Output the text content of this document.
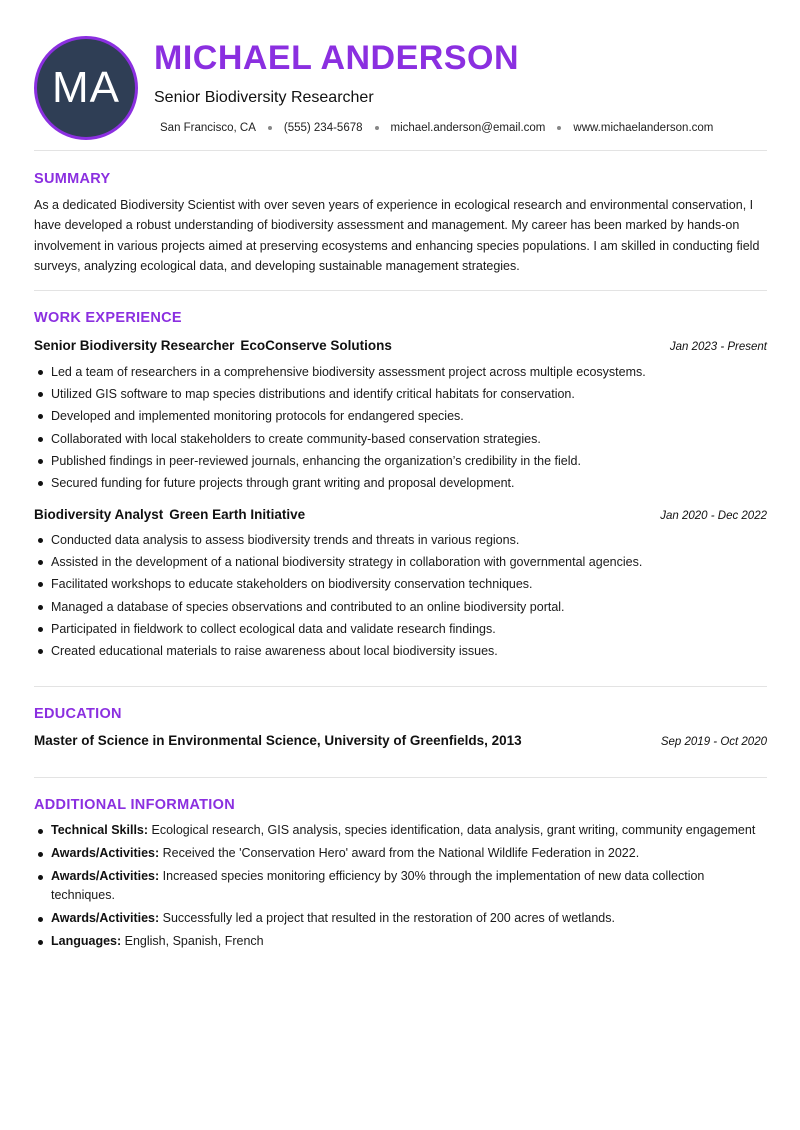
MA
MICHAEL ANDERSON
Senior Biodiversity Researcher
San Francisco, CA (555) 234-5678 michael.anderson@email.com www.michaelanderson.com
SUMMARY

As a dedicated Biodiversity Scientist with over seven years of experience in ecological research and environmental conservation, I have developed a robust understanding of biodiversity assessment and management. My career has been marked by hands-on involvement in various projects aimed at preserving ecosystems and enhancing species populations. I am skilled in conducting field surveys, analyzing ecological data, and developing sustainable management strategies.

WORK EXPERIENCE
Senior Biodiversity Researcher EcoConserve Solutions	Jan 2023 - Present
Led a team of researchers in a comprehensive biodiversity assessment project across multiple ecosystems.
Utilized GIS software to map species distributions and identify critical habitats for conservation.
Developed and implemented monitoring protocols for endangered species.
Collaborated with local stakeholders to create community-based conservation strategies.
Published findings in peer-reviewed journals, enhancing the organization’s credibility in the field.
Secured funding for future projects through grant writing and proposal development.
Biodiversity Analyst Green Earth Initiative	Jan 2020 - Dec 2022
Conducted data analysis to assess biodiversity trends and threats in various regions.
Assisted in the development of a national biodiversity strategy in collaboration with governmental agencies.
Facilitated workshops to educate stakeholders on biodiversity conservation techniques.
Managed a database of species observations and contributed to an online biodiversity portal.
Participated in fieldwork to collect ecological data and validate research findings.
Created educational materials to raise awareness about local biodiversity issues.
EDUCATION
Master of Science in Environmental Science, University of Greenfields, 2013	Sep 2019 - Oct 2020
ADDITIONAL INFORMATION
Technical Skills: Ecological research, GIS analysis, species identification, data analysis, grant writing, community engagement
Awards/Activities: Received the 'Conservation Hero' award from the National Wildlife Federation in 2022.
Awards/Activities: Increased species monitoring efficiency by 30% through the implementation of new data collection techniques.
Awards/Activities: Successfully led a project that resulted in the restoration of 200 acres of wetlands.
Languages: English, Spanish, French
